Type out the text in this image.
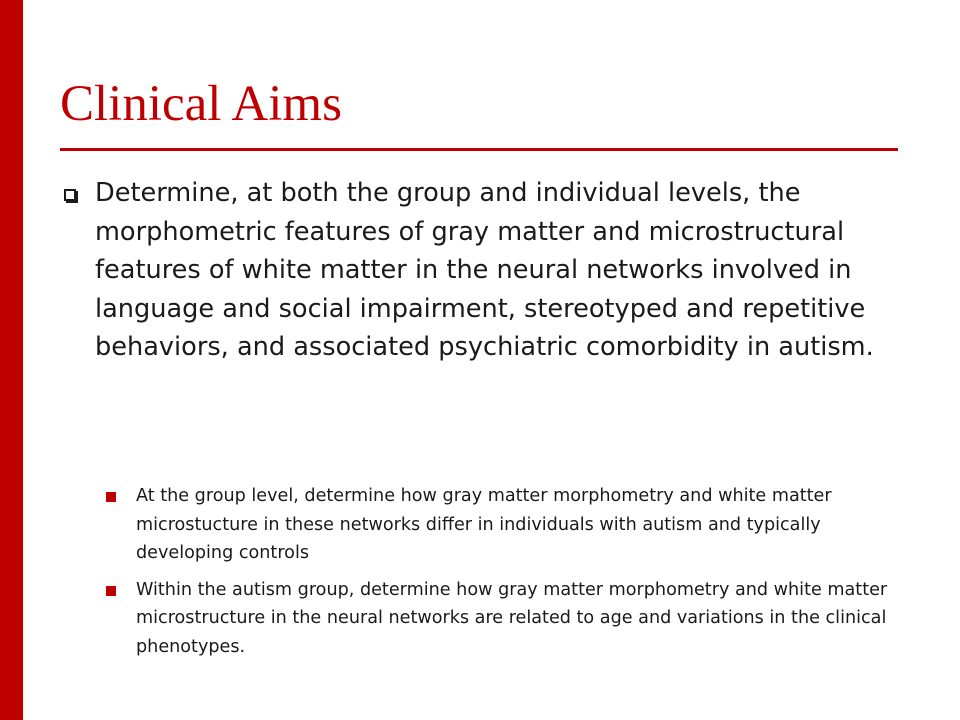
Clinical Aims
Determine, at both the group and individual levels, the morphometric features of gray matter and microstructural features of white matter in the neural networks involved in language and social impairment, stereotyped and repetitive behaviors, and associated psychiatric comorbidity in autism.
At the group level, determine how gray matter morphometry and white matter microstucture in these networks differ in individuals with autism and typically developing controls
Within the autism group, determine how gray matter morphometry and white matter microstructure in the neural networks are related to age and variations in the clinical phenotypes.
